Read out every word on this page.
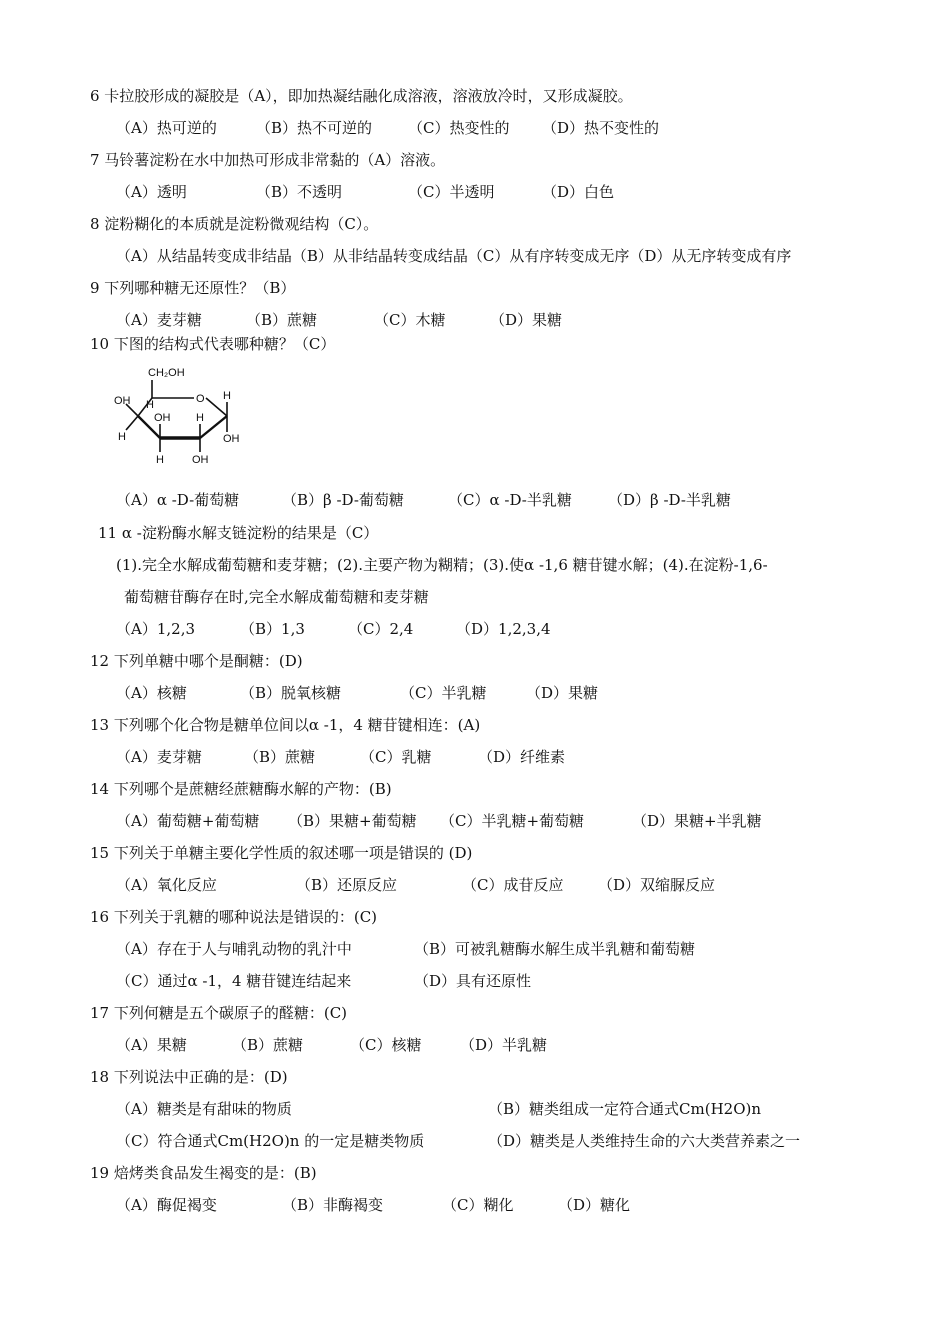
6 卡拉胶形成的凝胶是（A），即加热凝结融化成溶液，溶液放冷时，又形成凝胶。
（A）热可逆的	（B）热不可逆的 （C）热变性的 （D）热不变性的
7 马铃薯淀粉在水中加热可形成非常黏的（A）溶液。
（A）透明	（B）不透明	（C）半透明	（D）白色
8 淀粉糊化的本质就是淀粉微观结构（C）。
（A）从结晶转变成非结晶（B）从非结晶转变成结晶（C）从有序转变成无序（D）从无序转变成有序
9 下列哪种糖无还原性？（B）
（A）麦芽糖	（B）蔗糖	（C）木糖	（D）果糖
10 下图的结构式代表哪种糖？（C）
CH₂OH
O H
OH
H
OH
OH
H
OH
H
H
（A）α -D-葡萄糖	（B）β -D-葡萄糖	（C）α -D-半乳糖 （D）β -D-半乳糖
11 α -淀粉酶水解支链淀粉的结果是（C）
(1).完全水解成葡萄糖和麦芽糖；(2).主要产物为糊精；(3).使α -1,6 糖苷键水解；(4).在淀粉-1,6-
葡萄糖苷酶存在时,完全水解成葡萄糖和麦芽糖
（A）1,2,3	（B）1,3	（C）2,4	（D）1,2,3,4
12 下列单糖中哪个是酮糖：(D)
（A）核糖	（B）脱氧核糖	（C）半乳糖	（D）果糖
13 下列哪个化合物是糖单位间以α -1，4 糖苷键相连：(A)
（A）麦芽糖	（B）蔗糖	（C）乳糖	（D）纤维素
14 下列哪个是蔗糖经蔗糖酶水解的产物：(B)
（A）葡萄糖+葡萄糖 （B）果糖+葡萄糖 （C）半乳糖+葡萄糖	（D）果糖+半乳糖
15 下列关于单糖主要化学性质的叙述哪一项是错误的 (D)
（A）氧化反应	（B）还原反应	（C）成苷反应 （D）双缩脲反应
16 下列关于乳糖的哪种说法是错误的：(C)
（A）存在于人与哺乳动物的乳汁中	（B）可被乳糖酶水解生成半乳糖和葡萄糖
（C）通过α -1，4 糖苷键连结起来	（D）具有还原性
17 下列何糖是五个碳原子的醛糖：(C)
（A）果糖	（B）蔗糖	（C）核糖	（D）半乳糖
18 下列说法中正确的是：(D)
（A）糖类是有甜味的物质	（B）糖类组成一定符合通式Cm(H2O)n
（C）符合通式Cm(H2O)n 的一定是糖类物质	（D）糖类是人类维持生命的六大类营养素之一
19 焙烤类食品发生褐变的是：(B)
（A）酶促褐变	（B）非酶褐变	（C）糊化	（D）糖化
